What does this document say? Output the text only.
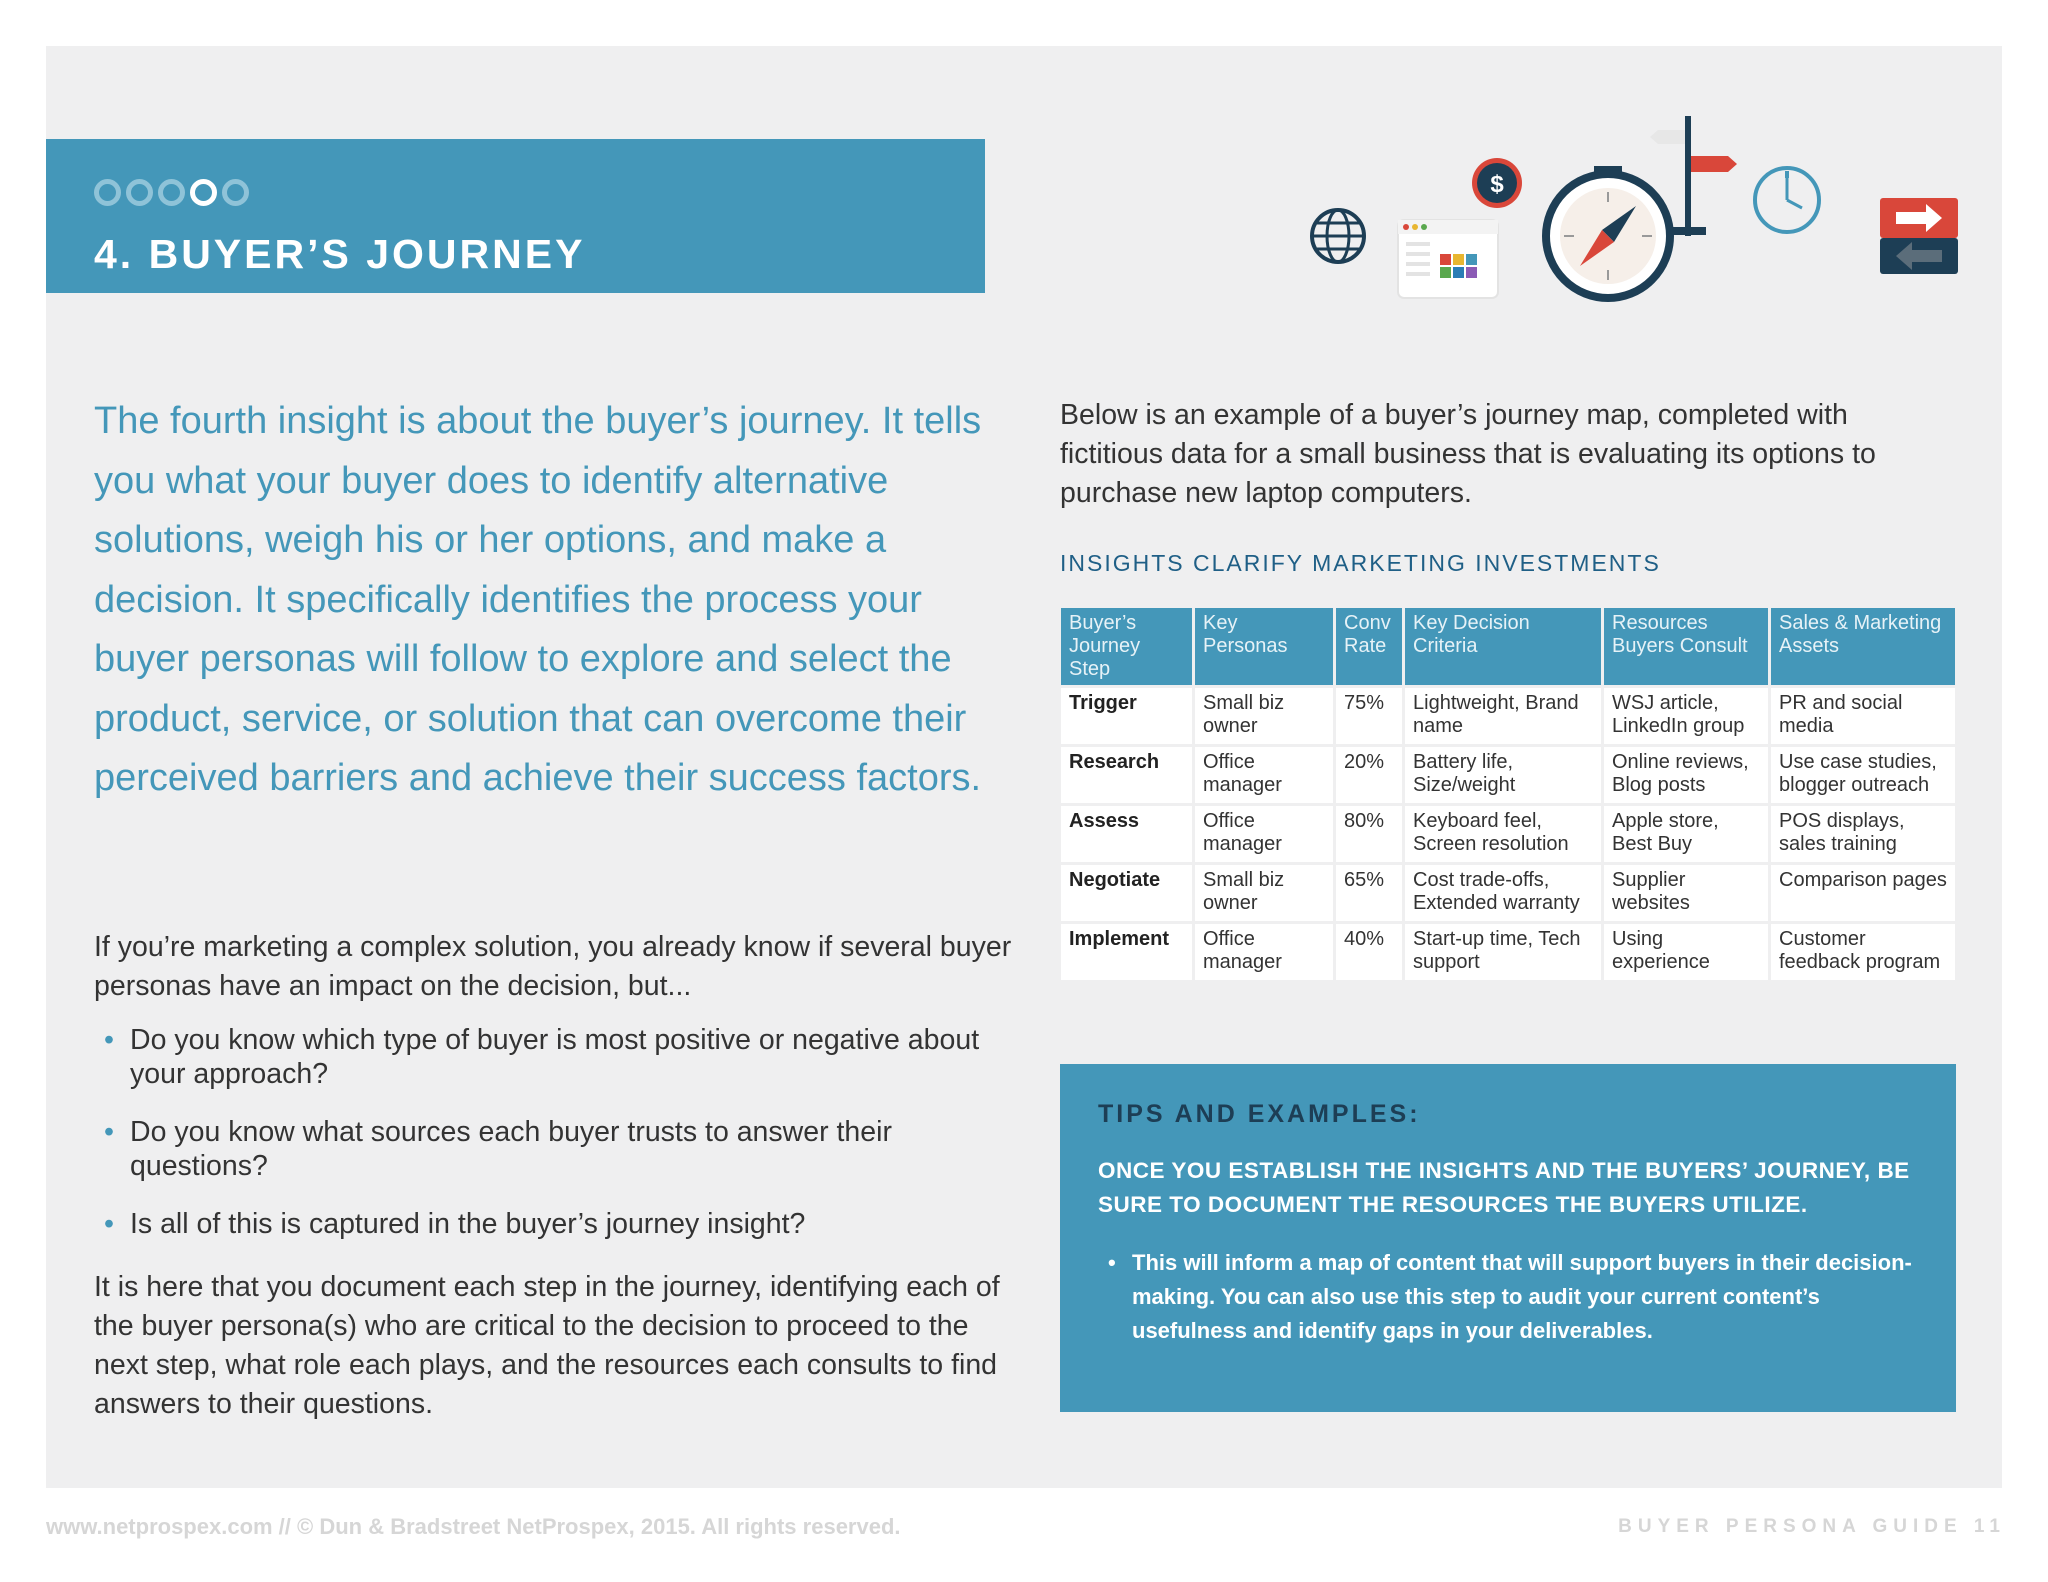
4. BUYER’S JOURNEY
$
The fourth insight is about the buyer’s journey. It tells you what your buyer does to identify alternative solutions, weigh his or her options, and make a decision. It specifically identifies the process your buyer personas will follow to explore and select the product, service, or solution that can overcome their perceived barriers and achieve their success factors.
If you’re marketing a complex solution, you already know if several buyer personas have an impact on the decision, but...
• Do you know which type of buyer is most positive or negative about your approach?
• Do you know what sources each buyer trusts to answer their questions?
• Is all of this is captured in the buyer’s journey insight?
It is here that you document each step in the journey, identifying each of the buyer persona(s) who are critical to the decision to proceed to the next step, what role each plays, and the resources each consults to find answers to their questions.
Below is an example of a buyer’s journey map, completed with fictitious data for a small business that is evaluating its options to purchase new laptop computers.
INSIGHTS CLARIFY MARKETING INVESTMENTS
Buyer’s Journey Step	Key Personas	Conv Rate	Key Decision Criteria	Resources Buyers Consult	Sales & Marketing Assets
Trigger	Small biz owner	75%	Lightweight, Brand name	WSJ article, LinkedIn group	PR and social media
Research	Office manager	20%	Battery life, Size/weight	Online reviews, Blog posts	Use case studies, blogger outreach
Assess	Office manager	80%	Keyboard feel, Screen resolution	Apple store, Best Buy	POS displays, sales training
Negotiate	Small biz owner	65%	Cost trade-offs, Extended warranty	Supplier websites	Comparison pages
Implement	Office manager	40%	Start-up time, Tech support	Using experience	Customer feedback program
TIPS AND EXAMPLES:
ONCE YOU ESTABLISH THE INSIGHTS AND THE BUYERS’ JOURNEY, BE SURE TO DOCUMENT THE RESOURCES THE BUYERS UTILIZE.
• This will inform a map of content that will support buyers in their decision-making. You can also use this step to audit your current content’s usefulness and identify gaps in your deliverables.
www.netprospex.com // © Dun & Bradstreet NetProspex, 2015. All rights reserved.	BUYER PERSONA GUIDE 11
